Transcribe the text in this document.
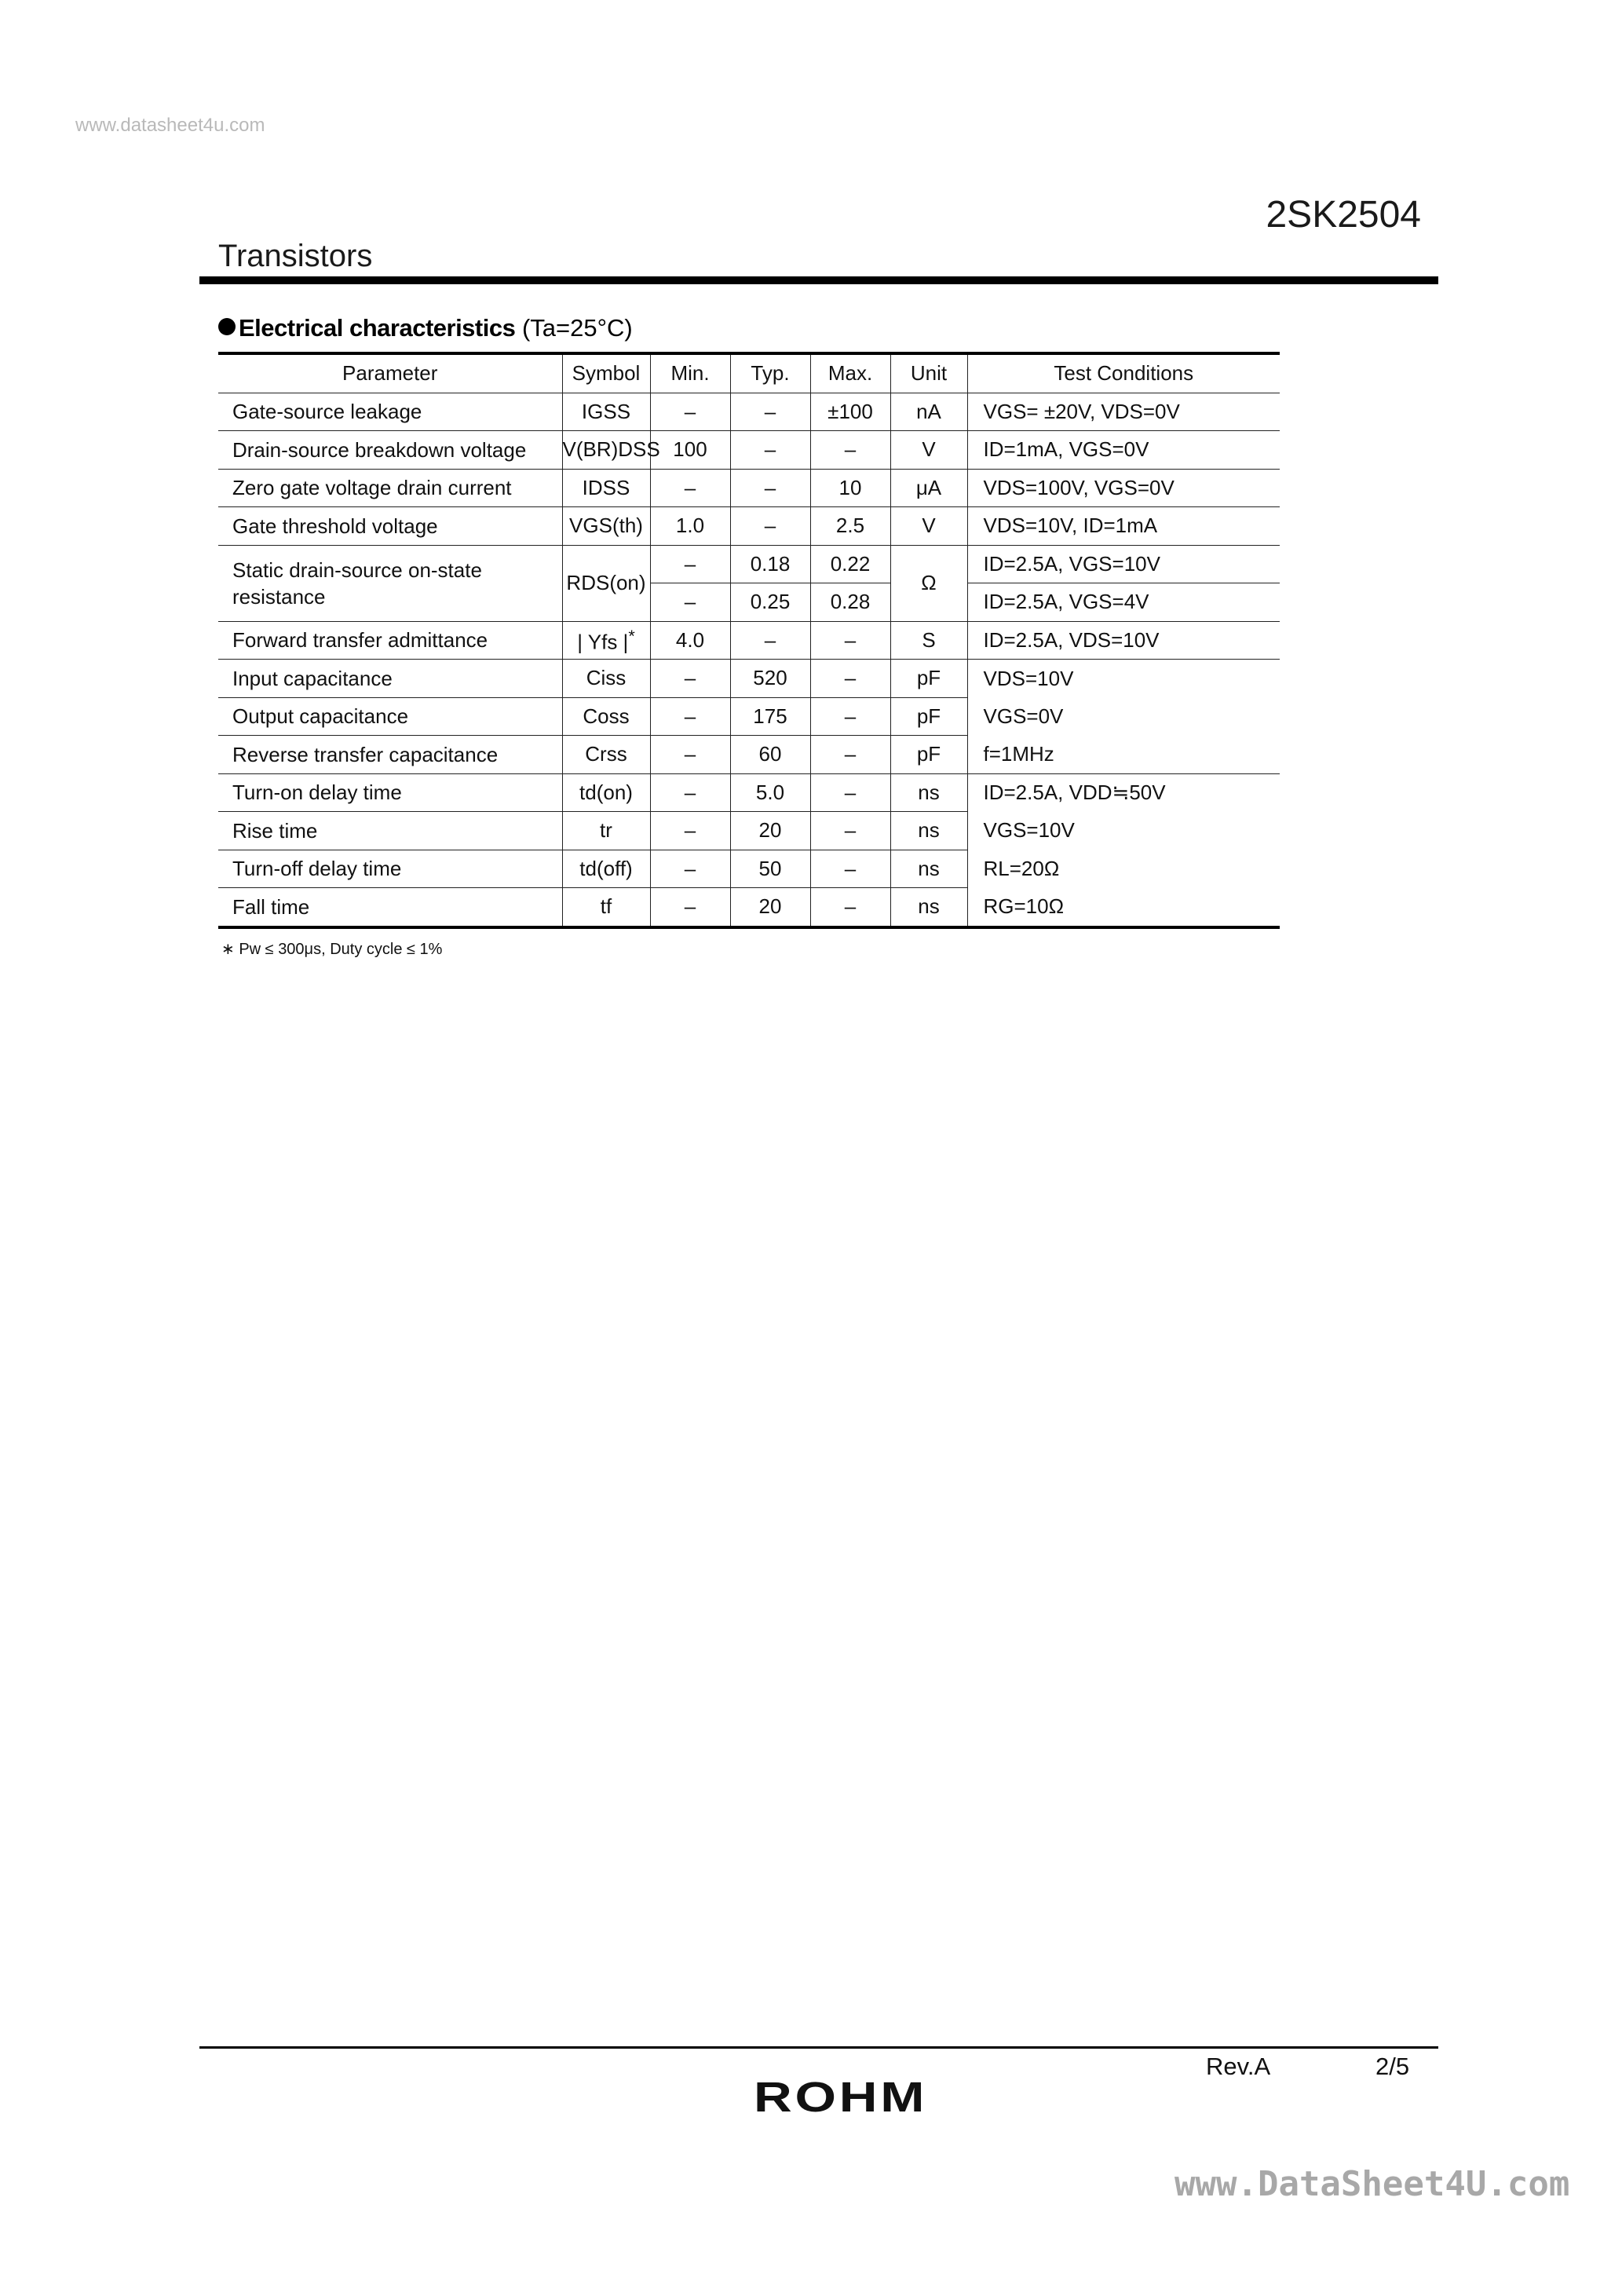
www.datasheet4u.com
2SK2504
Transistors
Electrical characteristics (Ta=25°C)
Parameter	Symbol	Min.	Typ.	Max.	Unit	Test Conditions
Gate-source leakage	IGSS	–	–	±100	nA	VGS= ±20V, VDS=0V
Drain-source breakdown voltage	V(BR)DSS	100	–	–	V	ID=1mA, VGS=0V
Zero gate voltage drain current	IDSS	–	–	10	μA	VDS=100V, VGS=0V
Gate threshold voltage	VGS(th)	1.0	–	2.5	V	VDS=10V, ID=1mA
Static drain-source on-state resistance	RDS(on)	–	0.18	0.22	Ω	ID=2.5A, VGS=10V
		–	0.25	0.28		ID=2.5A, VGS=4V
Forward transfer admittance	| Yfs |*	4.0	–	–	S	ID=2.5A, VDS=10V
Input capacitance	Ciss	–	520	–	pF	VDS=10V
Output capacitance	Coss	–	175	–	pF	VGS=0V
Reverse transfer capacitance	Crss	–	60	–	pF	f=1MHz
Turn-on delay time	td(on)	–	5.0	–	ns	ID=2.5A, VDD≒50V
Rise time	tr	–	20	–	ns	VGS=10V
Turn-off delay time	td(off)	–	50	–	ns	RL=20Ω
Fall time	tf	–	20	–	ns	RG=10Ω
∗ Pw ≤ 300μs, Duty cycle ≤ 1%
Rev.A	2/5
ROHM
www.DataSheet4U.com
